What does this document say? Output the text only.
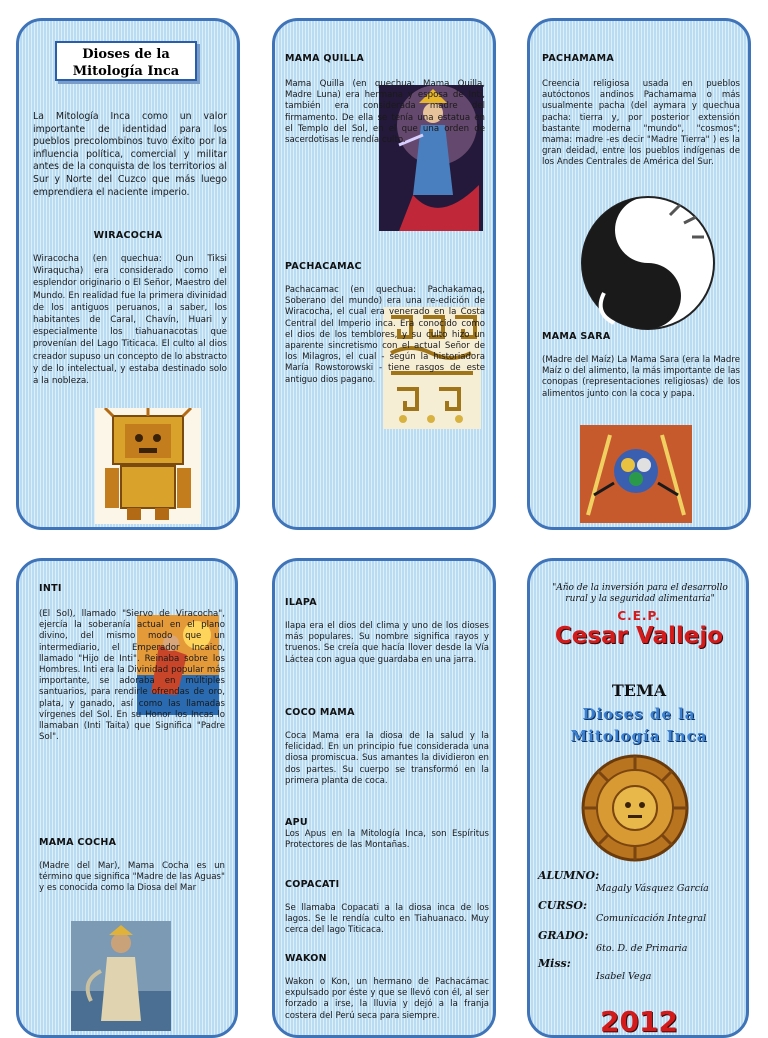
Dioses de la Mitología Inca
La Mitología Inca como un valor importante de identidad para los pueblos precolombinos tuvo éxito por la influencia política, comercial y militar antes de la conquista de los territorios al Sur y Norte del Cuzco que más luego emprendiera el naciente imperio.
WIRACOCHA
Wiracocha (en quechua: Qun Tiksi Wiraqucha) era considerado como el esplendor originario o El Señor, Maestro del Mundo. En realidad fue la primera divinidad de los antiguos peruanos, a saber, los habitantes de Caral, Chavín, Huari y especialmente los tiahuanacotas que provenían del Lago Titicaca. El culto al dios creador supuso un concepto de lo abstracto y de lo intelectual, y estaba destinado solo a la nobleza.
MAMA QUILLA
Mama Quilla (en quechua: Mama Quilla, Madre Luna) era hermana y esposa de Inti, también era considerada madre del firmamento. De ella se tenía una estatua en el Templo del Sol, en el que una orden de sacerdotisas le rendía culto.
PACHACAMAC
Pachacamac (en quechua: Pachakamaq, Soberano del mundo) era una re-edición de Wiracocha, el cual era venerado en la Costa Central del Imperio inca. Era conocido como el dios de los temblores, y su culto hizo un aparente sincretismo con el actual Señor de los Milagros, el cual - según la historiadora María Rowstorowski - tiene rasgos de este antiguo dios pagano.
PACHAMAMA
Creencia religiosa usada en pueblos autóctonos andinos Pachamama o más usualmente pacha (del aymara y quechua pacha: tierra y, por posterior extensión bastante moderna "mundo", "cosmos"; mama: madre -es decir "Madre Tierra" ) es la gran deidad, entre los pueblos indígenas de los Andes Centrales de América del Sur.
MAMA SARA
(Madre del Maíz) La Mama Sara (era la Madre Maíz o del alimento, la más importante de las conopas (representaciones religiosas) de los alimentos junto con la coca y papa.
INTI
(El Sol), llamado "Siervo de Viracocha", ejercía la soberanía actual en el plano divino, del mismo modo que un intermediario, el Emperador Incaico, llamado "Hijo de Inti". Reinaba sobre los Hombres. Inti era la Divinidad popular más importante, se adoraba en múltiples santuarios, para rendirle ofrendas de oro, plata, y ganado, así como las llamadas vírgenes del Sol. En su Honor los Incas lo llamaban (Inti Taita) que Significa "Padre Sol".
MAMA COCHA
(Madre del Mar), Mama Cocha es un término que significa "Madre de las Aguas" y es conocida como la Diosa del Mar
ILAPA
Ilapa era el dios del clima y uno de los dioses más populares. Su nombre significa rayos y truenos. Se creía que hacía llover desde la Vía Láctea con agua que guardaba en una jarra.
COCO MAMA
Coca Mama era la diosa de la salud y la felicidad. En un principio fue considerada una diosa promiscua. Sus amantes la dividieron en dos partes. Su cuerpo se transformó en la primera planta de coca.
APU
Los Apus en la Mitología Inca, son Espíritus Protectores de las Montañas.
COPACATI
Se llamaba Copacati a la diosa inca de los lagos. Se le rendía culto en Tiahuanaco. Muy cerca del lago Titicaca.
WAKON
Wakon o Kon, un hermano de Pachacámac expulsado por éste y que se llevó con él, al ser forzado a irse, la lluvia y dejó a la franja costera del Perú seca para siempre.
"Año de la inversión para el desarrollo rural y la seguridad alimentaria"
C.E.P.
Cesar Vallejo
TEMA
Dioses de la Mitología Inca
ALUMNO:
Magaly Vásquez García
CURSO:
Comunicación Integral
GRADO:
6to. D. de Primaria
Miss:
Isabel Vega
2012
